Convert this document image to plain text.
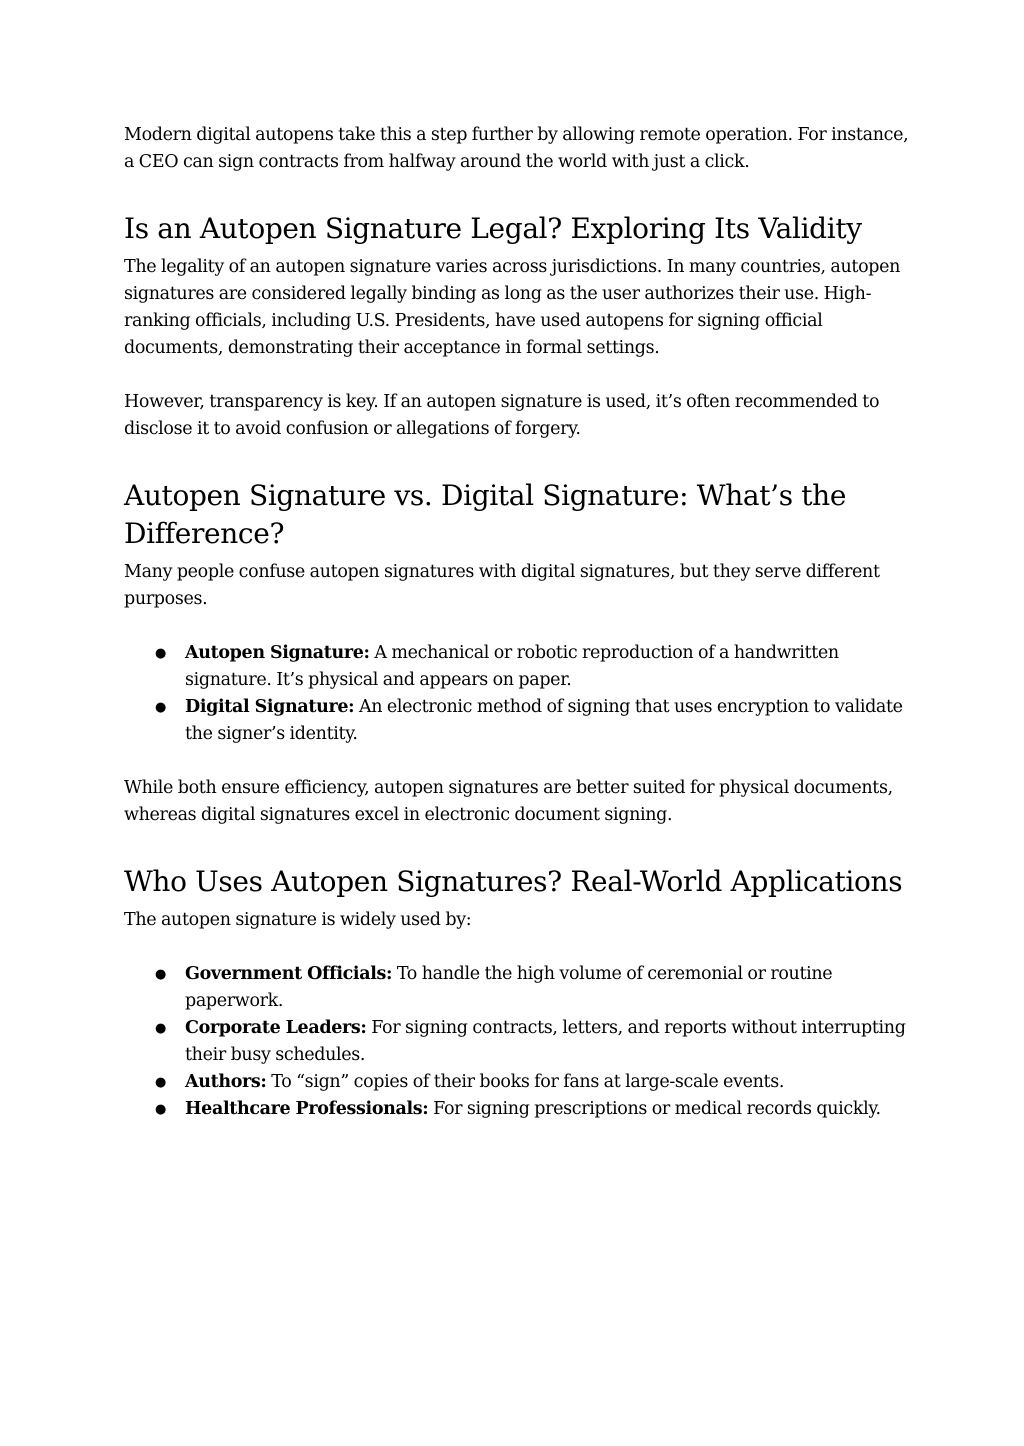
Modern digital autopens take this a step further by allowing remote operation. For instance, a CEO can sign contracts from halfway around the world with just a click.

Is an Autopen Signature Legal? Exploring Its Validity

The legality of an autopen signature varies across jurisdictions. In many countries, autopen signatures are considered legally binding as long as the user authorizes their use. High-ranking officials, including U.S. Presidents, have used autopens for signing official documents, demonstrating their acceptance in formal settings.

However, transparency is key. If an autopen signature is used, it’s often recommended to disclose it to avoid confusion or allegations of forgery.

Autopen Signature vs. Digital Signature: What’s the Difference?

Many people confuse autopen signatures with digital signatures, but they serve different purposes.

● Autopen Signature: A mechanical or robotic reproduction of a handwritten signature. It’s physical and appears on paper.
● Digital Signature: An electronic method of signing that uses encryption to validate the signer’s identity.

While both ensure efficiency, autopen signatures are better suited for physical documents, whereas digital signatures excel in electronic document signing.

Who Uses Autopen Signatures? Real-World Applications

The autopen signature is widely used by:

● Government Officials: To handle the high volume of ceremonial or routine paperwork.
● Corporate Leaders: For signing contracts, letters, and reports without interrupting their busy schedules.
● Authors: To “sign” copies of their books for fans at large-scale events.
● Healthcare Professionals: For signing prescriptions or medical records quickly.
